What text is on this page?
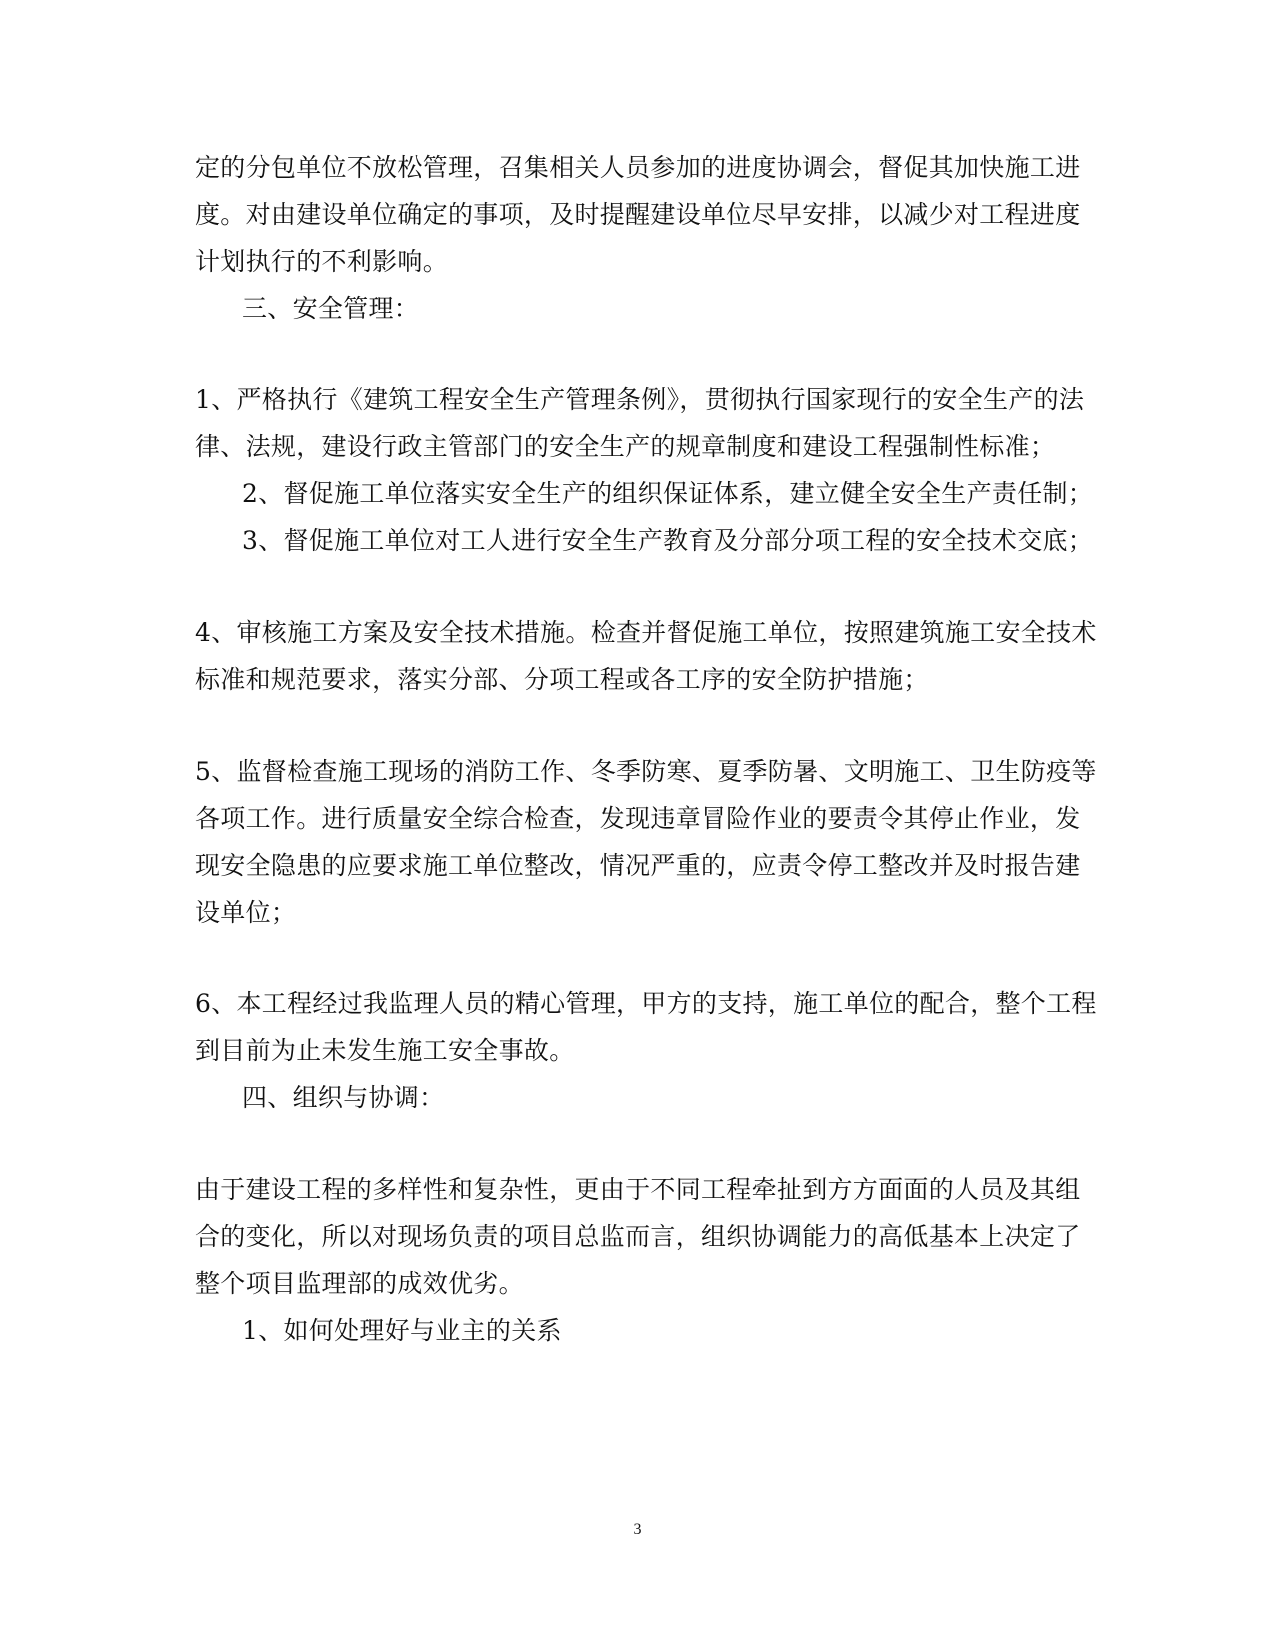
定的分包单位不放松管理，召集相关人员参加的进度协调会，督促其加快施工进
度。对由建设单位确定的事项，及时提醒建设单位尽早安排，以减少对工程进度
计划执行的不利影响。
三、安全管理：
1、严格执行《建筑工程安全生产管理条例》，贯彻执行国家现行的安全生产的法
律、法规，建设行政主管部门的安全生产的规章制度和建设工程强制性标准；
2、督促施工单位落实安全生产的组织保证体系，建立健全安全生产责任制；
3、督促施工单位对工人进行安全生产教育及分部分项工程的安全技术交底；
4、审核施工方案及安全技术措施。检查并督促施工单位，按照建筑施工安全技术
标准和规范要求，落实分部、分项工程或各工序的安全防护措施；
5、监督检查施工现场的消防工作、冬季防寒、夏季防暑、文明施工、卫生防疫等
各项工作。进行质量安全综合检查，发现违章冒险作业的要责令其停止作业，发
现安全隐患的应要求施工单位整改，情况严重的，应责令停工整改并及时报告建
设单位；
6、本工程经过我监理人员的精心管理，甲方的支持，施工单位的配合，整个工程
到目前为止未发生施工安全事故。
四、组织与协调：
由于建设工程的多样性和复杂性，更由于不同工程牵扯到方方面面的人员及其组
合的变化，所以对现场负责的项目总监而言，组织协调能力的高低基本上决定了
整个项目监理部的成效优劣。
1、如何处理好与业主的关系
3
